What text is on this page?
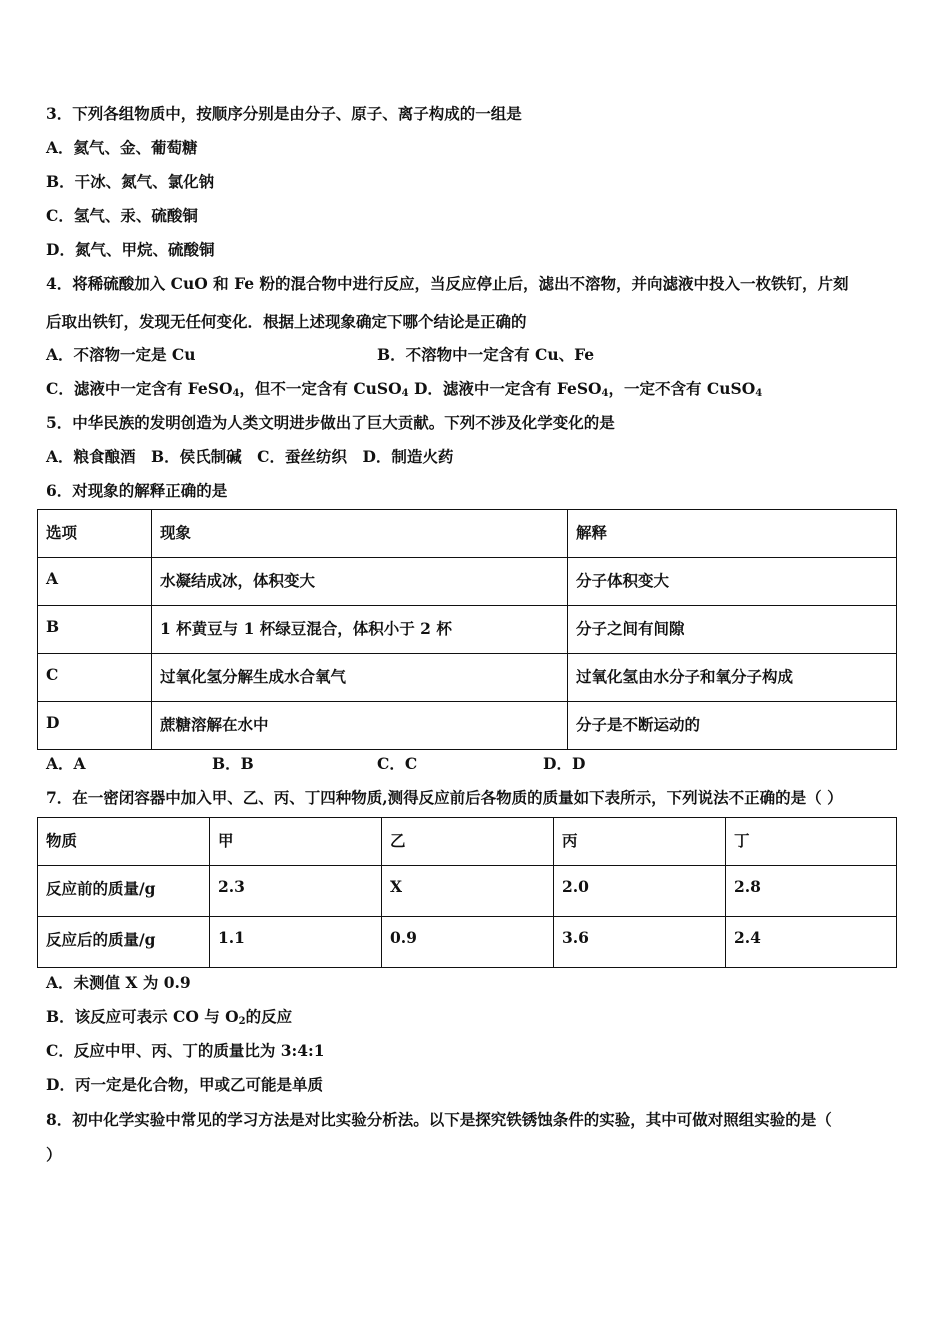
3．下列各组物质中，按顺序分别是由分子、原子、离子构成的一组是
A．氦气、金、葡萄糖
B．干冰、氮气、氯化钠
C．氢气、汞、硫酸铜
D．氮气、甲烷、硫酸铜
4．将稀硫酸加入 CuO 和 Fe 粉的混合物中进行反应，当反应停止后，滤出不溶物，并向滤液中投入一枚铁钉，片刻
后取出铁钉，发现无任何变化．根据上述现象确定下哪个结论是正确的
A．不溶物一定是 Cu	B．不溶物中一定含有 Cu、Fe
C．滤液中一定含有 FeSO$_4$，但不一定含有 CuSO$_4$ D．滤液中一定含有 FeSO$_4$，一定不含有 CuSO$_4$
5．中华民族的发明创造为人类文明进步做出了巨大贡献。下列不涉及化学变化的是
A．粮食酿酒　B．侯氏制碱　C．蚕丝纺织　D．制造火药
6．对现象的解释正确的是
选项	现象	解释
A	水凝结成冰，体积变大	分子体积变大
B	1 杯黄豆与 1 杯绿豆混合，体积小于 2 杯	分子之间有间隙
C	过氧化氢分解生成水合氧气	过氧化氢由水分子和氧分子构成
D	蔗糖溶解在水中	分子是不断运动的
A．A	B．B	C．C	D．D
7．在一密闭容器中加入甲、乙、丙、丁四种物质,测得反应前后各物质的质量如下表所示，下列说法不正确的是（ ）
物质	甲	乙	丙	丁
反应前的质量/g	2.3	X	2.0	2.8
反应后的质量/g	1.1	0.9	3.6	2.4
A．未测值 X 为 0.9
B．该反应可表示 CO 与 $O_2$的反应
C．反应中甲、丙、丁的质量比为 3:4:1
D．丙一定是化合物，甲或乙可能是单质
8．初中化学实验中常见的学习方法是对比实验分析法。以下是探究铁锈蚀条件的实验，其中可做对照组实验的是（
）
